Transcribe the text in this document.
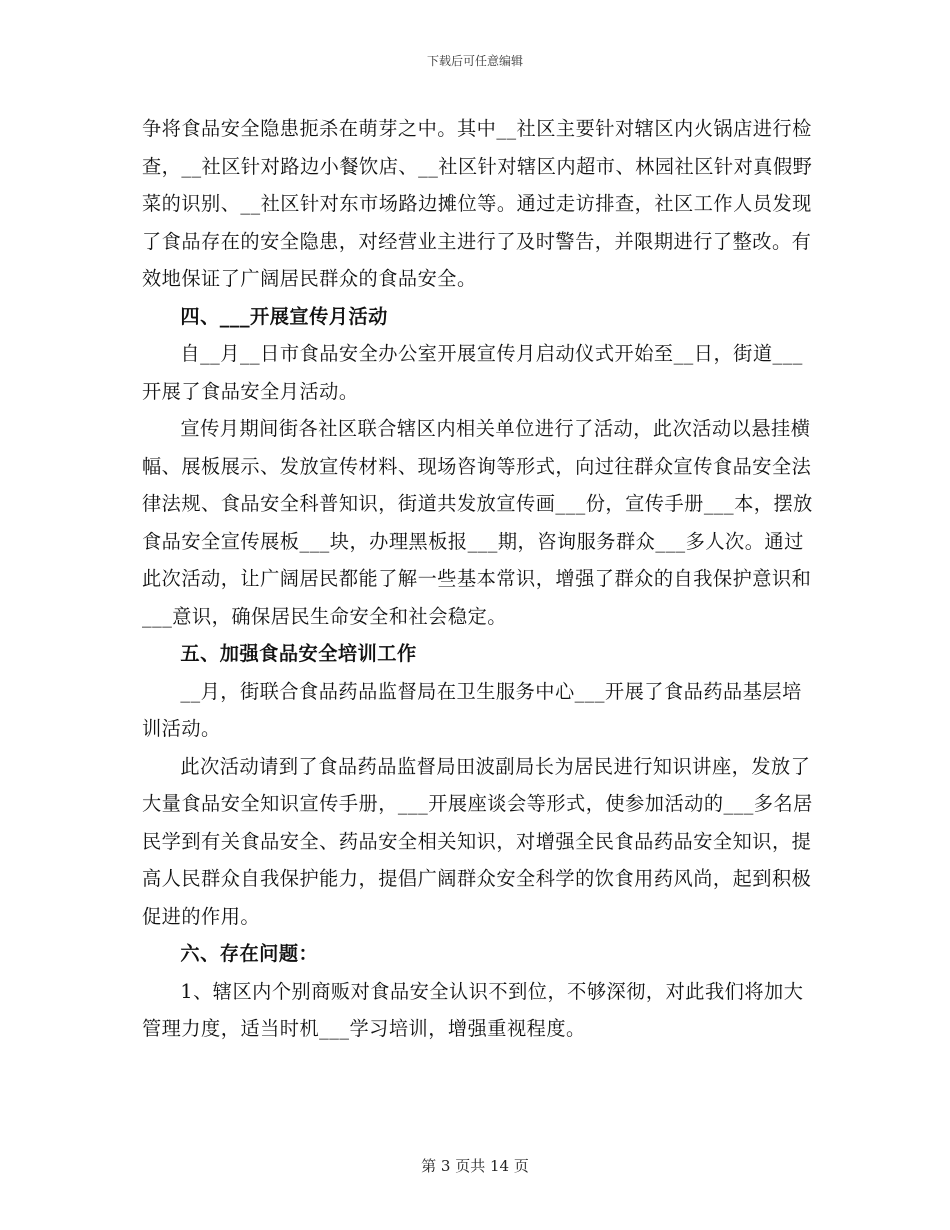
下载后可任意编辑

争将食品安全隐患扼杀在萌芽之中。其中__社区主要针对辖区内火锅店进行检查，__社区针对路边小餐饮店、__社区针对辖区内超市、林园社区针对真假野菜的识别、__社区针对东市场路边摊位等。通过走访排查，社区工作人员发现了食品存在的安全隐患，对经营业主进行了及时警告，并限期进行了整改。有效地保证了广阔居民群众的食品安全。

四、___开展宣传月活动

自__月__日市食品安全办公室开展宣传月启动仪式开始至__日，街道___开展了食品安全月活动。

宣传月期间街各社区联合辖区内相关单位进行了活动，此次活动以悬挂横幅、展板展示、发放宣传材料、现场咨询等形式，向过往群众宣传食品安全法律法规、食品安全科普知识，街道共发放宣传画___份，宣传手册___本，摆放食品安全宣传展板___块，办理黑板报___期，咨询服务群众___多人次。通过此次活动，让广阔居民都能了解一些基本常识，增强了群众的自我保护意识和___意识，确保居民生命安全和社会稳定。

五、加强食品安全培训工作

__月，街联合食品药品监督局在卫生服务中心___开展了食品药品基层培训活动。

此次活动请到了食品药品监督局田波副局长为居民进行知识讲座，发放了大量食品安全知识宣传手册，___开展座谈会等形式，使参加活动的___多名居民学到有关食品安全、药品安全相关知识，对增强全民食品药品安全知识，提高人民群众自我保护能力，提倡广阔群众安全科学的饮食用药风尚，起到积极促进的作用。

六、存在问题：

1、辖区内个别商贩对食品安全认识不到位，不够深彻，对此我们将加大管理力度，适当时机___学习培训，增强重视程度。

第 3 页共 14 页
